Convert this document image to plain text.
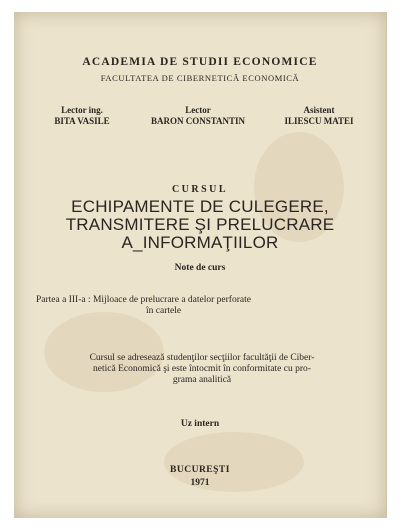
ACADEMIA DE STUDII ECONOMICE
FACULTATEA DE CIBERNETICĂ ECONOMICĂ
Lector ing.
BITA VASILE
Lector
BARON CONSTANTIN
Asistent
ILIESCU MATEI
CURSUL
ECHIPAMENTE DE CULEGERE,
TRANSMITERE ŞI PRELUCRARE
A_INFORMAŢIILOR
Note de curs
Partea a III-a : Mijloace de prelucrare a datelor perforate
în cartele
Cursul se adresează studenţilor secţiilor facultăţii de Ciber-
netică Economică şi este întocmit în conformitate cu pro-
grama analitică
Uz intern
BUCUREŞTI
1971
